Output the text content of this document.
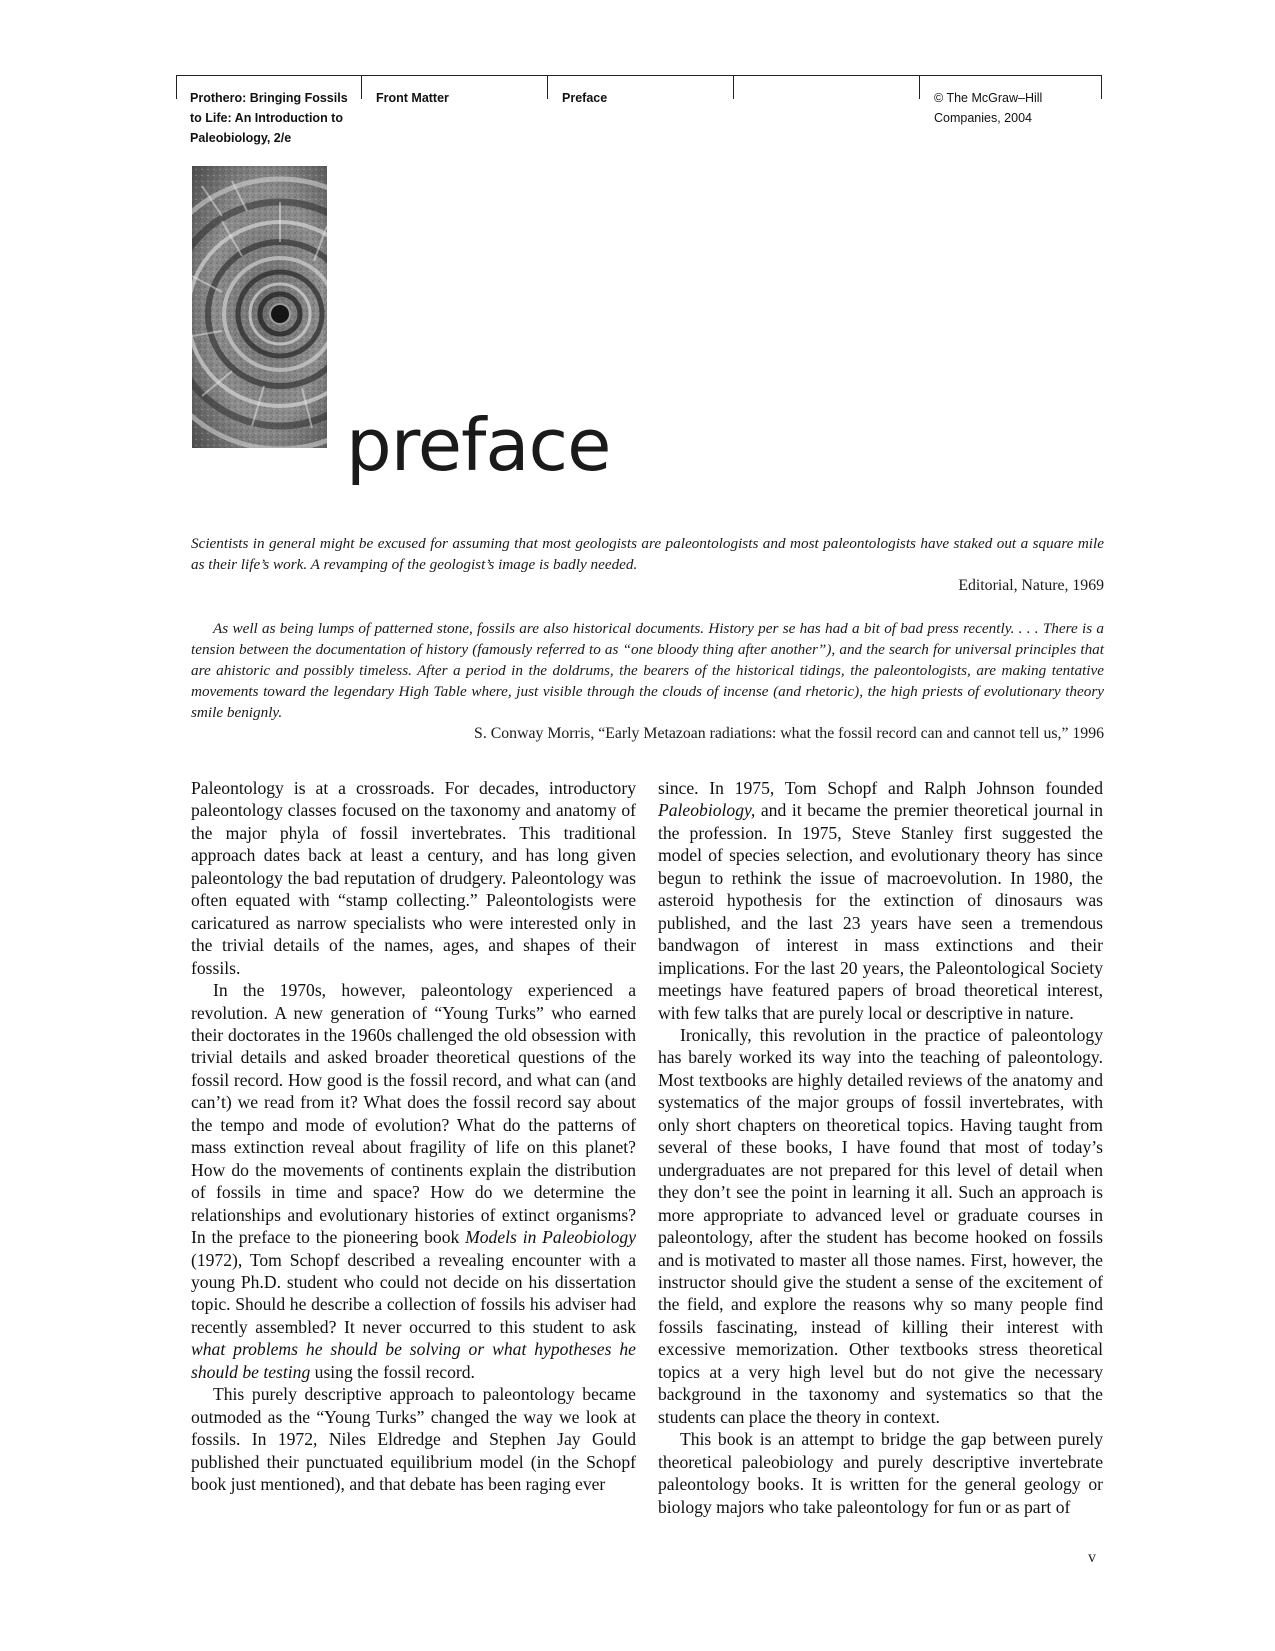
Prothero: Bringing Fossils
to Life: An Introduction to
Paleobiology, 2/e
Front Matter	Preface	© The McGraw–Hill
Companies, 2004
preface

Scientists in general might be excused for assuming that most geologists are paleontologists and most paleontologists have staked out a square mile as their life’s work. A revamping of the geologist’s image is badly needed.

Editorial, Nature, 1969

As well as being lumps of patterned stone, fossils are also historical documents. History per se has had a bit of bad press recently. . . . There is a tension between the documentation of history (famously referred to as “one bloody thing after another”), and the search for universal principles that are ahistoric and possibly timeless. After a period in the doldrums, the bearers of the historical tidings, the paleontologists, are making tentative movements toward the legendary High Table where, just visible through the clouds of incense (and rhetoric), the high priests of evolutionary theory smile benignly.

S. Conway Morris, “Early Metazoan radiations: what the fossil record can and cannot tell us,” 1996

Paleontology is at a crossroads. For decades, introductory paleontology classes focused on the taxonomy and anatomy of the major phyla of fossil invertebrates. This traditional approach dates back at least a century, and has long given paleontology the bad reputation of drudgery. Paleontology was often equated with “stamp collecting.” Paleontologists were caricatured as narrow specialists who were interested only in the trivial details of the names, ages, and shapes of their fossils.

In the 1970s, however, paleontology experienced a revolution. A new generation of “Young Turks” who earned their doctorates in the 1960s challenged the old obsession with trivial details and asked broader theoretical questions of the fossil record. How good is the fossil record, and what can (and can’t) we read from it? What does the fossil record say about the tempo and mode of evolution? What do the patterns of mass extinction reveal about fragility of life on this planet? How do the movements of continents explain the distribution of fossils in time and space? How do we determine the relationships and evolutionary histories of extinct organisms? In the preface to the pioneering book Models in Paleobiology (1972), Tom Schopf described a revealing encounter with a young Ph.D. student who could not decide on his dissertation topic. Should he describe a collection of fossils his adviser had recently assembled? It never occurred to this student to ask what problems he should be solving or what hypotheses he should be testing using the fossil record.

This purely descriptive approach to paleontology became outmoded as the “Young Turks” changed the way we look at fossils. In 1972, Niles Eldredge and Stephen Jay Gould published their punctuated equilibrium model (in the Schopf book just mentioned), and that debate has been raging ever

since. In 1975, Tom Schopf and Ralph Johnson founded Paleobiology, and it became the premier theoretical journal in the profession. In 1975, Steve Stanley first suggested the model of species selection, and evolutionary theory has since begun to rethink the issue of macroevolution. In 1980, the asteroid hypothesis for the extinction of dinosaurs was published, and the last 23 years have seen a tremendous bandwagon of interest in mass extinctions and their implications. For the last 20 years, the Paleontological Society meetings have featured papers of broad theoretical interest, with few talks that are purely local or descriptive in nature.

Ironically, this revolution in the practice of paleontology has barely worked its way into the teaching of paleontology. Most textbooks are highly detailed reviews of the anatomy and systematics of the major groups of fossil invertebrates, with only short chapters on theoretical topics. Having taught from several of these books, I have found that most of today’s undergraduates are not prepared for this level of detail when they don’t see the point in learning it all. Such an approach is more appropriate to advanced level or graduate courses in paleontology, after the student has become hooked on fossils and is motivated to master all those names. First, however, the instructor should give the student a sense of the excitement of the field, and explore the reasons why so many people find fossils fascinating, instead of killing their interest with excessive memorization. Other textbooks stress theoretical topics at a very high level but do not give the necessary background in the taxonomy and systematics so that the students can place the theory in context.

This book is an attempt to bridge the gap between purely theoretical paleobiology and purely descriptive invertebrate paleontology books. It is written for the general geology or biology majors who take paleontology for fun or as part of

v
